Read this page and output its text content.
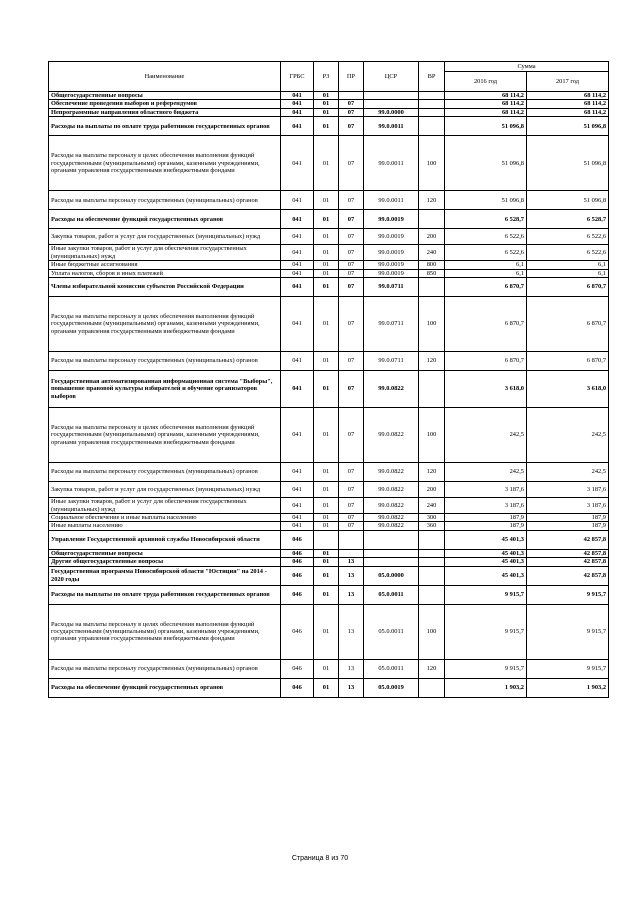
Наименование	ГРБС	РЗ	ПР	ЦСР	ВР	Сумма	
						2016 год	2017 год
Общегосударственные вопросы	041	01				68 114,2	68 114,2
Обеспечение проведения выборов и референдумов	041	01	07			68 114,2	68 114,2
Непрограммные направления областного бюджета	041	01	07	99.0.0000		68 114,2	68 114,2
Расходы на выплаты по оплате труда работников государственных органов	041	01	07	99.0.0011		51 096,8	51 096,8
Расходы на выплаты персоналу в целях обеспечения выполнения функций государственными (муниципальными) органами, казенными учреждениями, органами управления государственными внебюджетными фондами	041	01	07	99.0.0011	100	51 096,8	51 096,8
Расходы на выплаты персоналу государственных (муниципальных) органов	041	01	07	99.0.0011	120	51 096,8	51 096,8
Расходы на обеспечение функций государственных органов	041	01	07	99.0.0019		6 528,7	6 528,7
Закупка товаров, работ и услуг для государственных (муниципальных) нужд	041	01	07	99.0.0019	200	6 522,6	6 522,6
Иные закупки товаров, работ и услуг для обеспечения государственных (муниципальных) нужд	041	01	07	99.0.0019	240	6 522,6	6 522,6
Иные бюджетные ассигнования	041	01	07	99.0.0019	800	6,1	6,1
Уплата налогов, сборов и иных платежей	041	01	07	99.0.0019	850	6,1	6,1
Члены избирательной комиссии субъектов Российской Федерации	041	01	07	99.0.0711		6 870,7	6 870,7
Расходы на выплаты персоналу в целях обеспечения выполнения функций государственными (муниципальными) органами, казенными учреждениями, органами управления государственными внебюджетными фондами	041	01	07	99.0.0711	100	6 870,7	6 870,7
Расходы на выплаты персоналу государственных (муниципальных) органов	041	01	07	99.0.0711	120	6 870,7	6 870,7
Государственная автоматизированная информационная система "Выборы", повышение правовой культуры избирателей и обучение организаторов выборов	041	01	07	99.0.0822		3 618,0	3 618,0
Расходы на выплаты персоналу в целях обеспечения выполнения функций государственными (муниципальными) органами, казенными учреждениями, органами управления государственными внебюджетными фондами	041	01	07	99.0.0822	100	242,5	242,5
Расходы на выплаты персоналу государственных (муниципальных) органов	041	01	07	99.0.0822	120	242,5	242,5
Закупка товаров, работ и услуг для государственных (муниципальных) нужд	041	01	07	99.0.0822	200	3 187,6	3 187,6
Иные закупки товаров, работ и услуг для обеспечения государственных (муниципальных) нужд	041	01	07	99.0.0822	240	3 187,6	3 187,6
Социальное обеспечение и иные выплаты населению	041	01	07	99.0.0822	300	187,9	187,9
Иные выплаты населению	041	01	07	99.0.0822	360	187,9	187,9
Управление Государственной архивной службы Новосибирской области	046					45 401,3	42 857,8
Общегосударственные вопросы	046	01				45 401,3	42 857,8
Другие общегосударственные вопросы	046	01	13			45 401,3	42 857,8
Государственная программа Новосибирской области "Юстиция" на 2014 - 2020 годы	046	01	13	05.0.0000		45 401,3	42 857,8
Расходы на выплаты по оплате труда работников государственных органов	046	01	13	05.0.0011		9 915,7	9 915,7
Расходы на выплаты персоналу в целях обеспечения выполнения функций государственными (муниципальными) органами, казенными учреждениями, органами управления государственными внебюджетными фондами	046	01	13	05.0.0011	100	9 915,7	9 915,7
Расходы на выплаты персоналу государственных (муниципальных) органов	046	01	13	05.0.0011	120	9 915,7	9 915,7
Расходы на обеспечение функций государственных органов	046	01	13	05.0.0019		1 903,2	1 903,2
Страница 8 из 70
